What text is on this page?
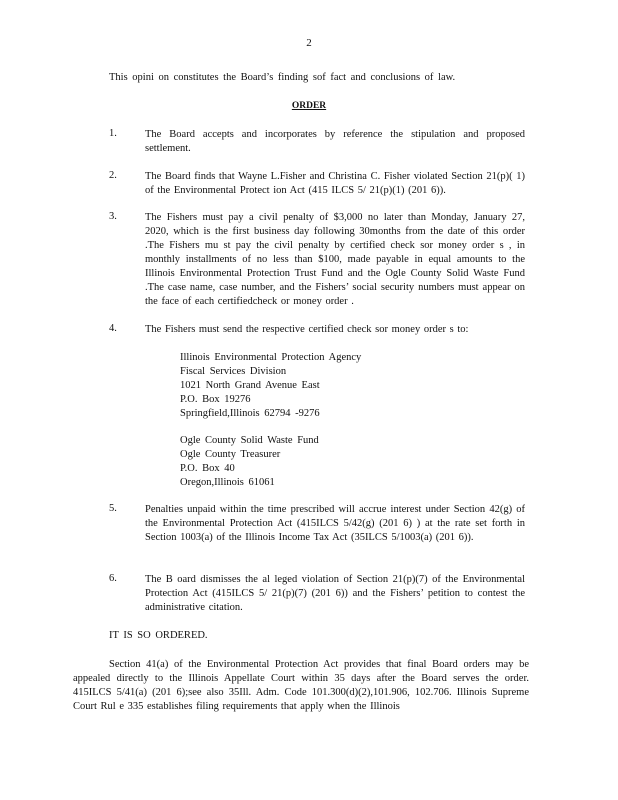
2
This opini on constitutes the Board’s finding sof fact and conclusions of law.
ORDER
1.	The Board accepts and incorporates by reference the stipulation and proposed settlement.
2.	The Board finds that Wayne L.Fisher and Christina C. Fisher violated Section 21(p)( 1) of the Environmental Protect ion Act (415 ILCS 5/ 21(p)(1) (201 6)).
3.	The Fishers must pay a civil penalty of $3,000 no later than Monday, January 27, 2020, which is the first business day following 30months from the date of this order .The Fishers mu st pay the civil penalty by certified check sor money order s , in monthly installments of no less than $100, made payable in equal amounts to the Illinois Environmental Protection Trust Fund and the Ogle County Solid Waste Fund .The case name, case number, and the Fishers’ social security numbers must appear on the face of each certifiedcheck or money order .
4.	The Fishers must send the respective certified check sor money order s to:
Illinois Environmental Protection Agency
Fiscal Services Division
1021 North Grand Avenue East
P.O. Box 19276
Springfield,Illinois 62794 -9276
Ogle County Solid Waste Fund
Ogle County Treasurer
P.O. Box 40
Oregon,Illinois 61061
5.	Penalties unpaid within the time prescribed will accrue interest under Section 42(g) of the Environmental Protection Act (415ILCS 5/42(g) (201 6) ) at the rate set forth in Section 1003(a) of the Illinois Income Tax Act (35ILCS 5/1003(a) (201 6)).
6.	The B oard dismisses the al leged violation of Section 21(p)(7) of the Environmental Protection Act (415ILCS 5/ 21(p)(7) (201 6)) and the Fishers’ petition to contest the administrative citation.
IT IS SO ORDERED.
Section 41(a) of the Environmental Protection Act provides that final Board orders may be appealed directly to the Illinois Appellate Court within 35 days after the Board serves the order. 415ILCS 5/41(a) (201 6);see also 35Ill. Adm. Code 101.300(d)(2),101.906, 102.706. Illinois Supreme Court Rul e 335 establishes filing requirements that apply when the Illinois
